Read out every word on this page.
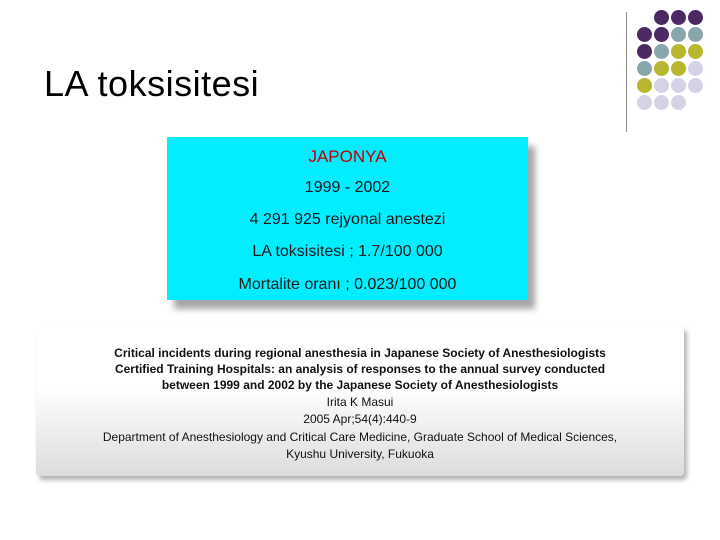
LA toksisitesi
JAPONYA
1999 - 2002
4 291 925 rejyonal anestezi
LA toksisitesi ; 1.7/100 000
Mortalite oranı ; 0.023/100 000
Critical incidents during regional anesthesia in Japanese Society of Anesthesiologists
Certified Training Hospitals: an analysis of responses to the annual survey conducted
between 1999 and 2002 by the Japanese Society of Anesthesiologists
Irita K Masui
2005 Apr;54(4):440-9
Department of Anesthesiology and Critical Care Medicine, Graduate School of Medical Sciences,
Kyushu University, Fukuoka
